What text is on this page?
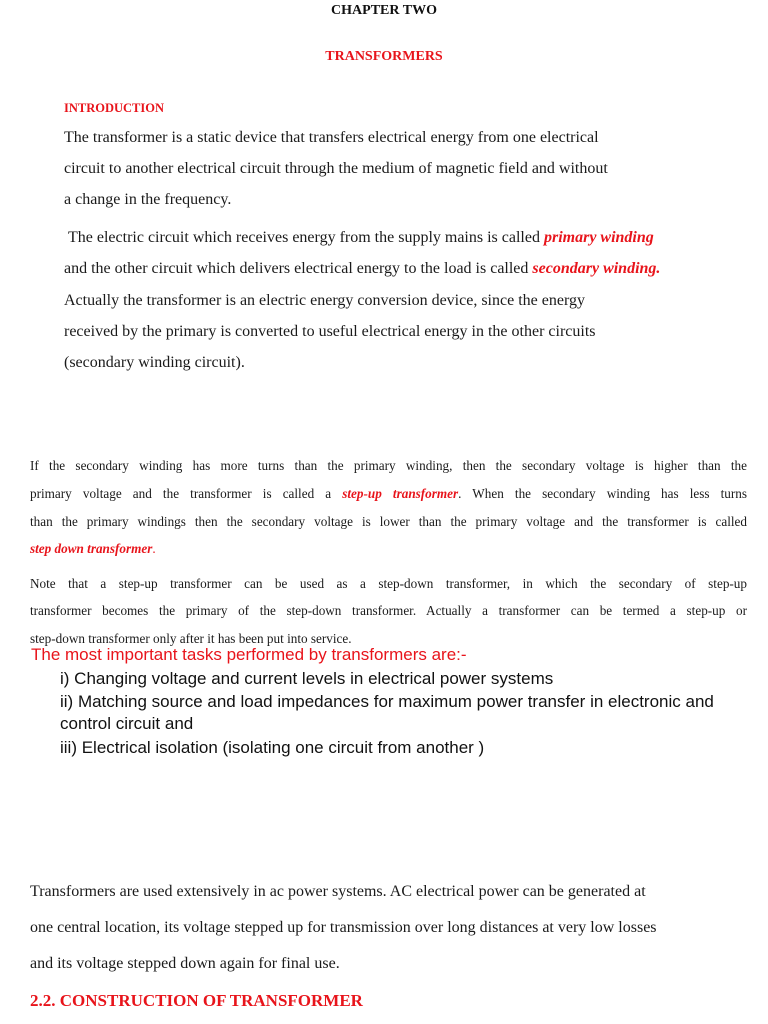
CHAPTER TWO
TRANSFORMERS
INTRODUCTION
The transformer is a static device that transfers electrical energy from one electrical
circuit to another electrical circuit through the medium of magnetic field and without
a change in the frequency.
The electric circuit which receives energy from the supply mains is called primary winding
and the other circuit which delivers electrical energy to the load is called secondary winding.
Actually the transformer is an electric energy conversion device, since the energy
received by the primary is converted to useful electrical energy in the other circuits
(secondary winding circuit).
If the secondary winding has more turns than the primary winding, then the secondary voltage is higher than the
primary voltage and the transformer is called a step-up transformer. When the secondary winding has less turns
than the primary windings then the secondary voltage is lower than the primary voltage and the transformer is called
step down transformer.
Note that a step-up transformer can be used as a step-down transformer, in which the secondary of step-up
transformer becomes the primary of the step-down transformer. Actually a transformer can be termed a step-up or
step-down transformer only after it has been put into service.
The most important tasks performed by transformers are:-
i) Changing voltage and current levels in electrical power systems
ii) Matching source and load impedances for maximum power transfer in electronic and
control circuit and
iii) Electrical isolation (isolating one circuit from another )
Transformers are used extensively in ac power systems. AC electrical power can be generated at
one central location, its voltage stepped up for transmission over long distances at very low losses
and its voltage stepped down again for final use.
2.2. CONSTRUCTION OF TRANSFORMER
